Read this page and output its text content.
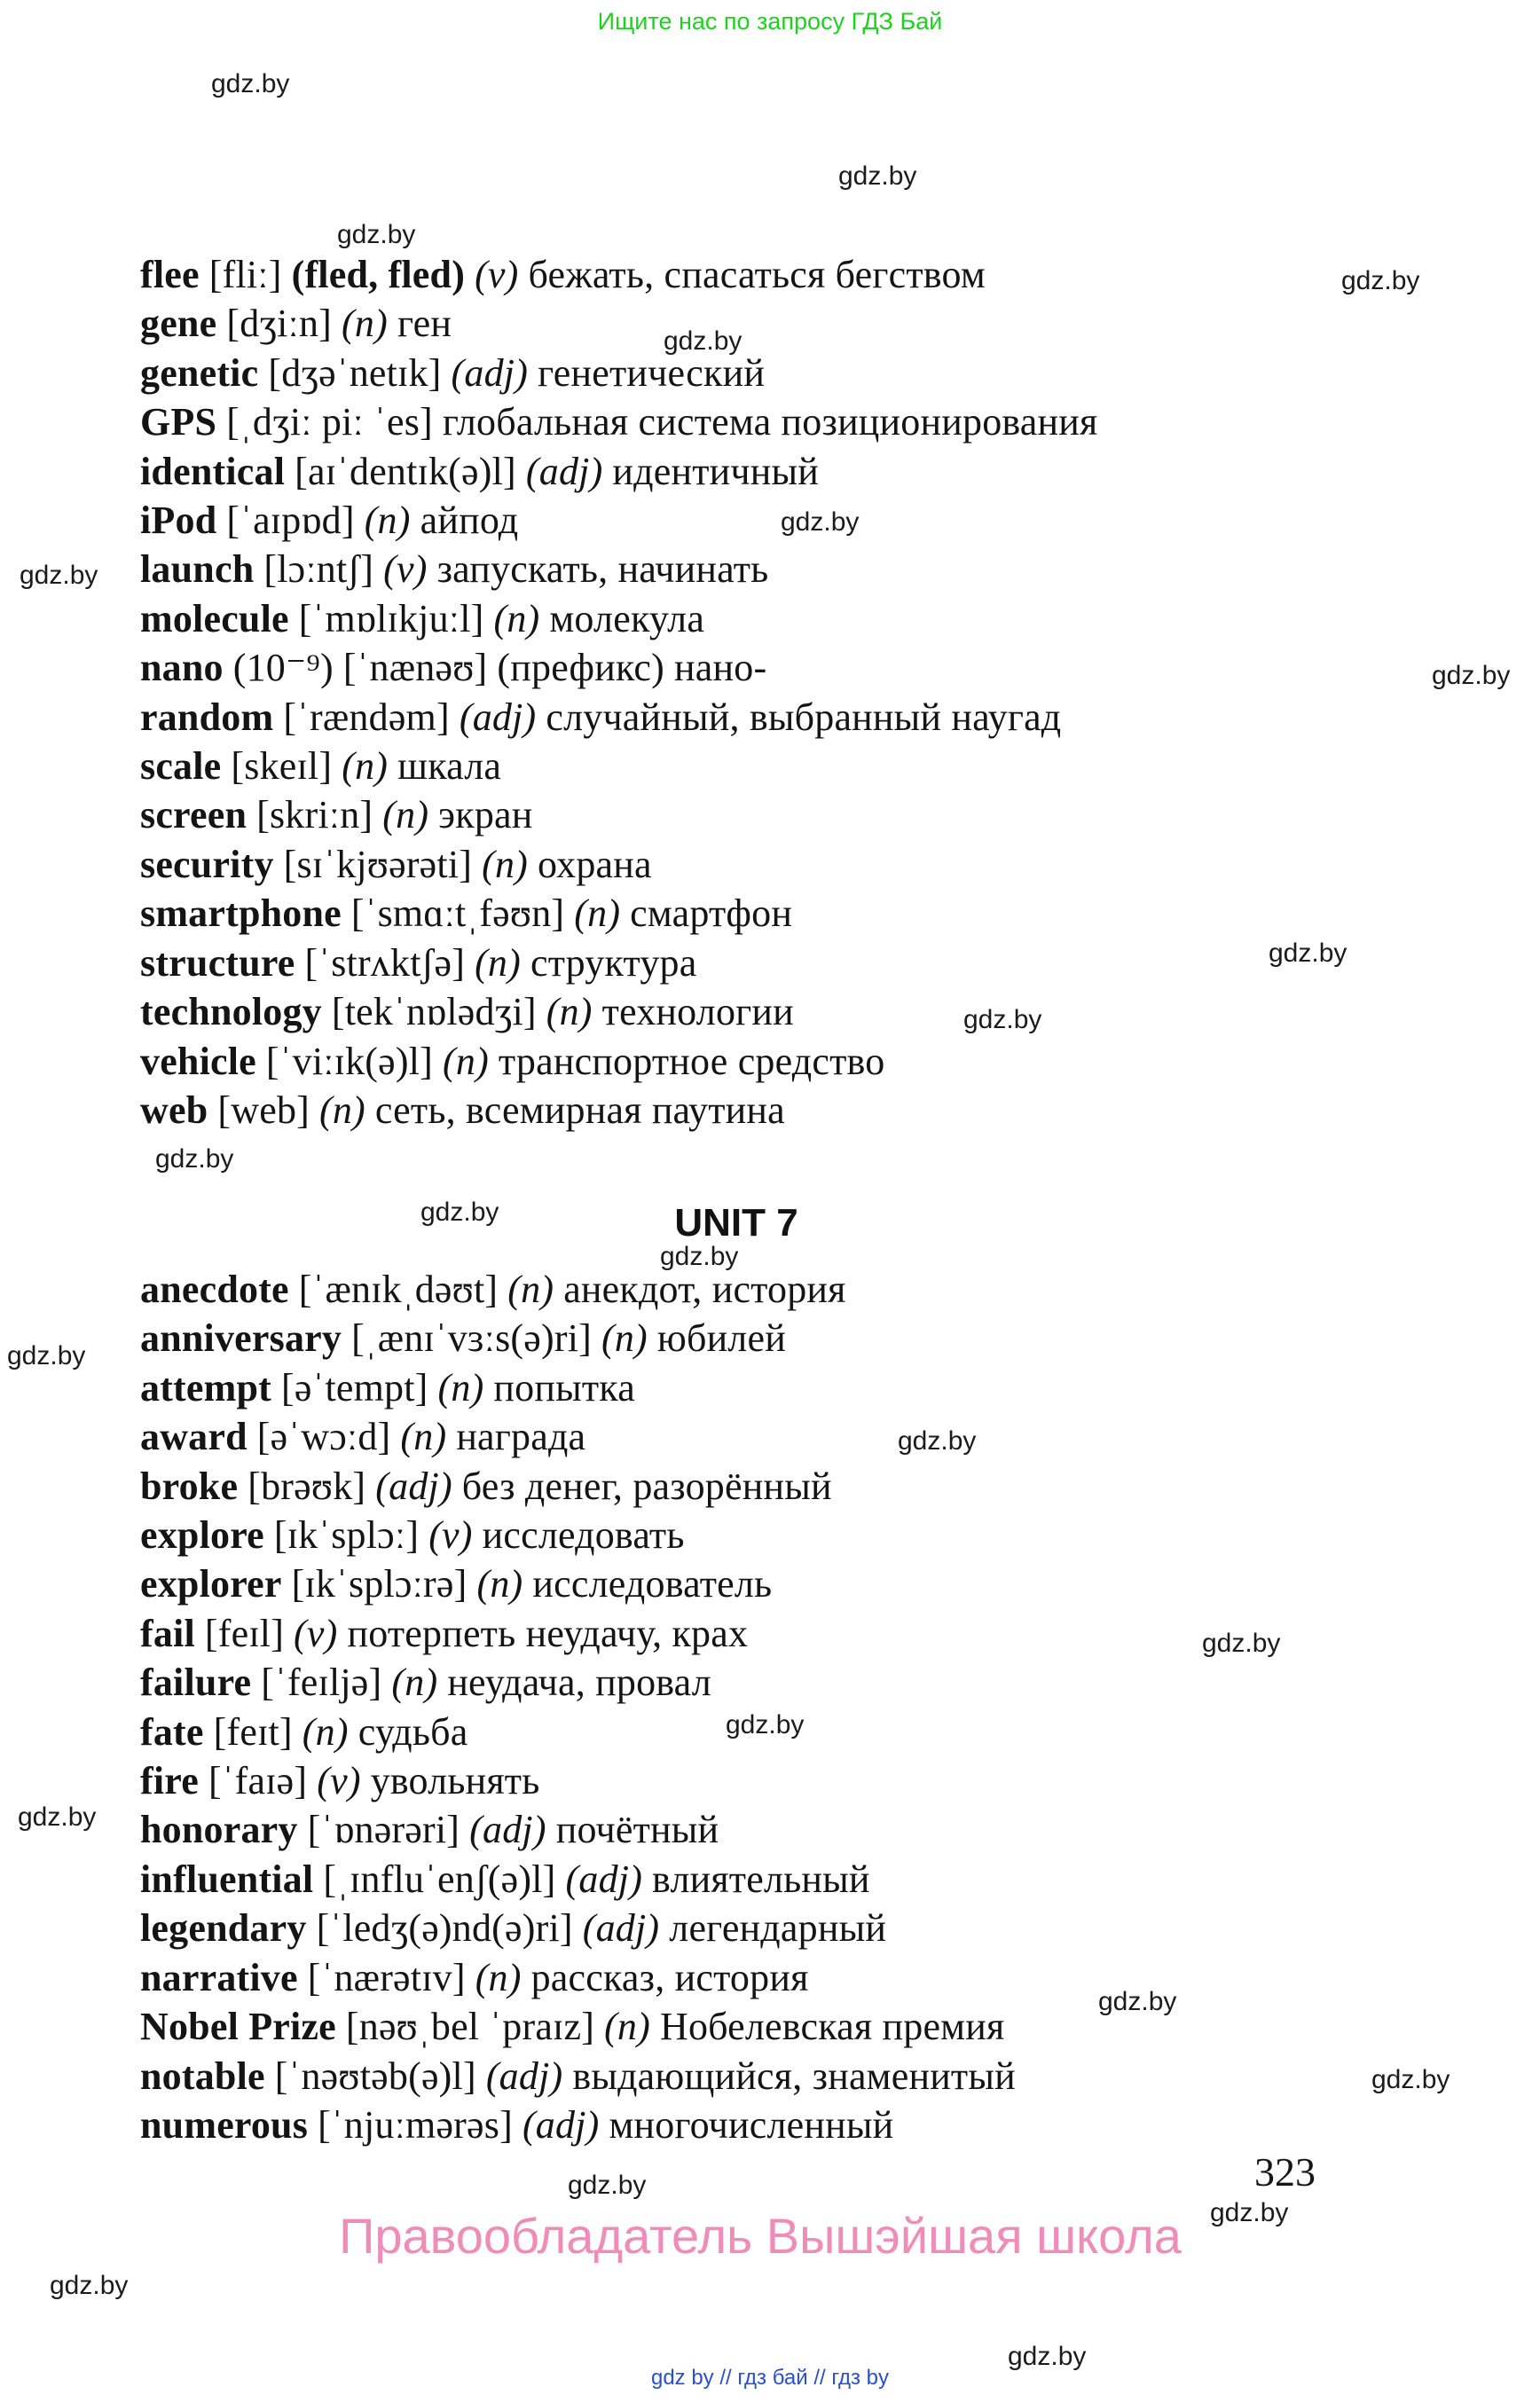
Ищите нас по запросу ГДЗ Бай
flee [fliː] (fled, fled) (v) бежать, спасаться бегством
gene [dʒiːn] (n) ген
genetic [dʒəˈnetɪk] (adj) генетический
GPS [ˌdʒiː piː ˈes] глобальная система позиционирования
identical [aɪˈdentɪk(ə)l] (adj) идентичный
iPod [ˈaɪpɒd] (n) айпод
launch [lɔːntʃ] (v) запускать, начинать
molecule [ˈmɒlɪkjuːl] (n) молекула
nano (10⁻⁹) [ˈnænəʊ] (префикс) нано-
random [ˈrændəm] (adj) случайный, выбранный наугад
scale [skeɪl] (n) шкала
screen [skriːn] (n) экран
security [sɪˈkjʊərəti] (n) охрана
smartphone [ˈsmɑːtˌfəʊn] (n) смартфон
structure [ˈstrʌktʃə] (n) структура
technology [tekˈnɒlədʒi] (n) технологии
vehicle [ˈviːɪk(ə)l] (n) транспортное средство
web [web] (n) сеть, всемирная паутина
UNIT 7
anecdote [ˈænɪkˌdəʊt] (n) анекдот, история
anniversary [ˌænɪˈvɜːs(ə)ri] (n) юбилей
attempt [əˈtempt] (n) попытка
award [əˈwɔːd] (n) награда
broke [brəʊk] (adj) без денег, разорённый
explore [ɪkˈsplɔː] (v) исследовать
explorer [ɪkˈsplɔːrə] (n) исследователь
fail [feɪl] (v) потерпеть неудачу, крах
failure [ˈfeɪljə] (n) неудача, провал
fate [feɪt] (n) судьба
fire [ˈfaɪə] (v) увольнять
honorary [ˈɒnərəri] (adj) почётный
influential [ˌɪnfluˈenʃ(ə)l] (adj) влиятельный
legendary [ˈledʒ(ə)nd(ə)ri] (adj) легендарный
narrative [ˈnærətɪv] (n) рассказ, история
Nobel Prize [nəʊˌbel ˈpraɪz] (n) Нобелевская премия
notable [ˈnəʊtəb(ə)l] (adj) выдающийся, знаменитый
numerous [ˈnjuːmərəs] (adj) многочисленный
323
Правообладатель Вышэйшая школа
gdz by // гдз бай // гдз by
gdz.by
gdz.by
gdz.by
gdz.by
gdz.by
gdz.by
gdz.by
gdz.by
gdz.by
gdz.by
gdz.by
gdz.by
gdz.by
gdz.by
gdz.by
gdz.by
gdz.by
gdz.by
gdz.by
gdz.by
gdz.by
gdz.by
gdz.by
gdz.by
